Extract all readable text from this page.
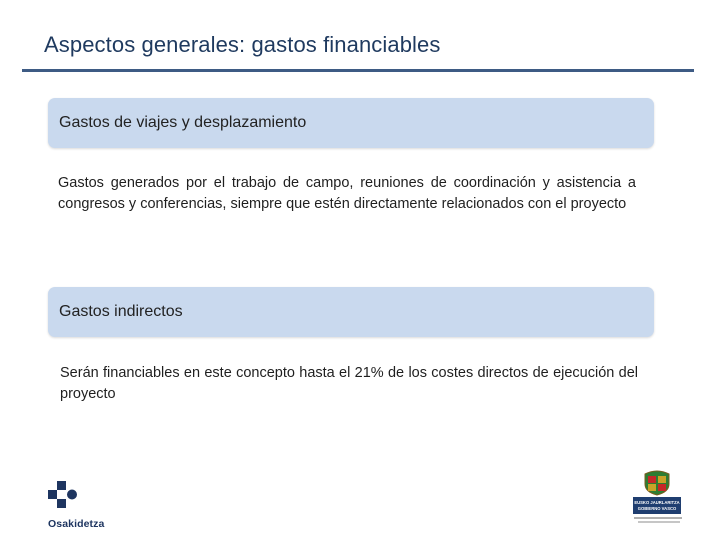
Aspectos generales: gastos financiables
Gastos de viajes y desplazamiento
Gastos generados por el trabajo de campo, reuniones de coordinación y asistencia a congresos y conferencias, siempre que estén directamente relacionados con el proyecto
Gastos indirectos
Serán financiables en este concepto hasta el 21% de los costes directos de ejecución del proyecto
Osakidetza
EUSKO JAURLARITZA GOBIERNO VASCO
